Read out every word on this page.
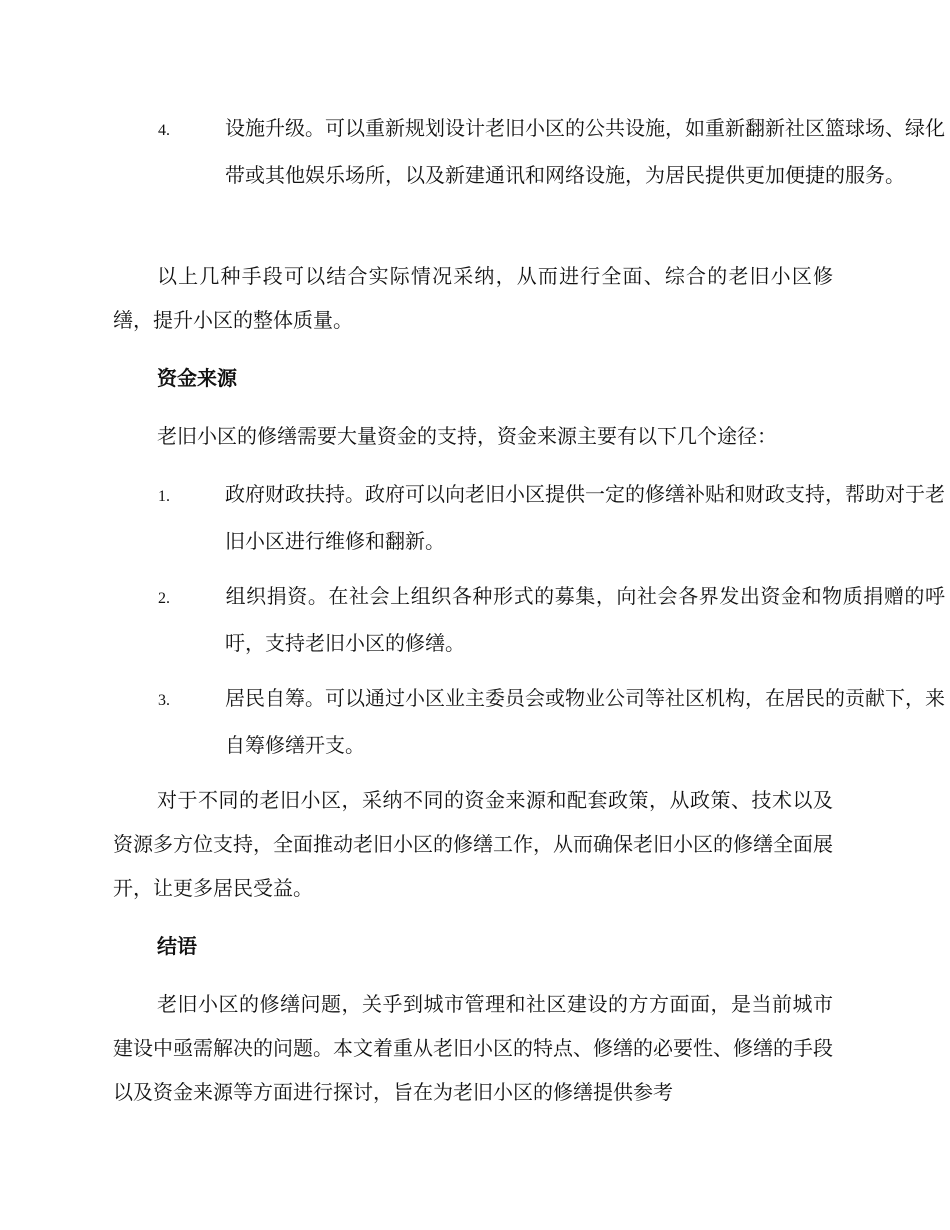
4.	设施升级。可以重新规划设计老旧小区的公共设施，如重新翻新社区篮球场、绿化带或其他娱乐场所，以及新建通讯和网络设施，为居民提供更加便捷的服务。

以上几种手段可以结合实际情况采纳，从而进行全面、综合的老旧小区修缮，提升小区的整体质量。

资金来源

老旧小区的修缮需要大量资金的支持，资金来源主要有以下几个途径：

1.	政府财政扶持。政府可以向老旧小区提供一定的修缮补贴和财政支持，帮助对于老旧小区进行维修和翻新。

2.	组织捐资。在社会上组织各种形式的募集，向社会各界发出资金和物质捐赠的呼吁，支持老旧小区的修缮。

3.	居民自筹。可以通过小区业主委员会或物业公司等社区机构，在居民的贡献下，来自筹修缮开支。

对于不同的老旧小区，采纳不同的资金来源和配套政策，从政策、技术以及资源多方位支持，全面推动老旧小区的修缮工作，从而确保老旧小区的修缮全面展开，让更多居民受益。

结语

老旧小区的修缮问题，关乎到城市管理和社区建设的方方面面，是当前城市建设中亟需解决的问题。本文着重从老旧小区的特点、修缮的必要性、修缮的手段以及资金来源等方面进行探讨，旨在为老旧小区的修缮提供参考
